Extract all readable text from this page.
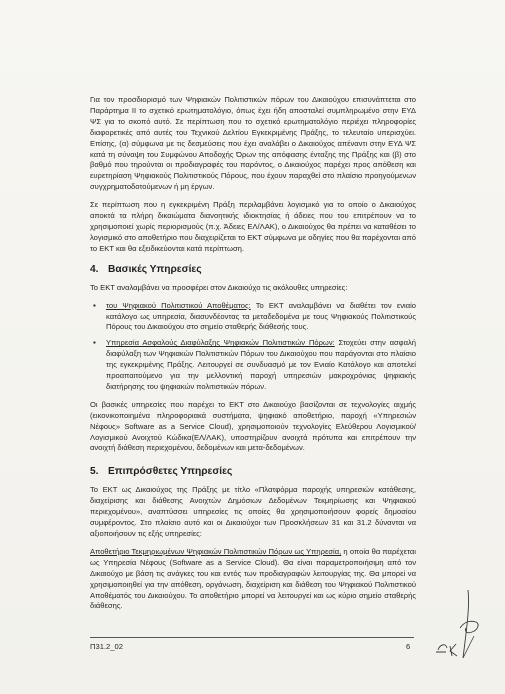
Για τον προσδιορισμό των Ψηφιακών Πολιτιστικών πόρων του Δικαιούχου επισυνάπτεται στο Παράρτημα II το σχετικό ερωτηματολόγιο, όπως έχει ήδη αποσταλεί συμπληρωμένο στην ΕΥΔ ΨΣ για το σκοπό αυτό. Σε περίπτωση που το σχετικό ερωτηματολόγιο περιέχει πληροφορίες διαφορετικές από αυτές του Τεχνικού Δελτίου Εγκεκριμένης Πράξης, το τελευταίο υπερισχύει. Επίσης, (α) σύμφωνα με τις δεσμεύσεις που έχει αναλάβει ο Δικαιούχος απέναντι στην ΕΥΔ ΨΣ κατά τη σύναψη του Συμφώνου Αποδοχής Όρων της απόφασης ένταξης της Πράξης και (β) στο βαθμό που τηρούνται οι προδιαγραφές του παρόντος, ο Δικαιούχος παρέχει προς απόθεση και ευρετηρίαση Ψηφιακούς Πολιτιστικούς Πόρους, που έχουν παραχθεί στο πλαίσιο προηγούμενων συγχρηματοδοτούμενων ή μη έργων.

Σε περίπτωση που η εγκεκριμένη Πράξη περιλαμβάνει λογισμικό για το οποίο ο Δικαιούχος αποκτά τα πλήρη δικαιώματα διανοητικής ιδιοκτησίας ή άδειες που του επιτρέπουν να το χρησιμοποιεί χωρίς περιορισμούς (π.χ. Άδειες ΕΛ/ΛΑΚ), ο Δικαιούχος θα πρέπει να καταθέσει το λογισμικό στο αποθετήριο που διαχειρίζεται το ΕΚΤ σύμφωνα με οδηγίες που θα παρέχονται από το ΕΚΤ και θα εξειδικεύονται κατά περίπτωση.

4. Βασικές Υπηρεσίες

Το ΕΚΤ αναλαμβάνει να προσφέρει στον Δικαιούχο τις ακόλουθες υπηρεσίες:

▪ του Ψηφιακού Πολιτιστικού Αποθέματος: Το ΕΚΤ αναλαμβάνει να διαθέτει τον ενιαίο κατάλογο ως υπηρεσία, διασυνδέοντας τα μεταδεδομένα με τους Ψηφιακούς Πολιτιστικούς Πόρους του Δικαιούχου στο σημείο σταθερής διάθεσής τους.
▪ Υπηρεσία Ασφαλούς Διαφύλαξης Ψηφιακών Πολιτιστικών Πόρων: Στοχεύει στην ασφαλή διαφύλαξη των Ψηφιακών Πολιτιστικών Πόρων του Δικαιούχου που παράγονται στο πλαίσιο της εγκεκριμένης Πράξης. Λειτουργεί σε συνδυασμό με τον Ενιαίο Κατάλογο και αποτελεί προαπαιτούμενο για την μελλοντική παροχή υπηρεσιών μακροχρόνιας ψηφιακής διατήρησης του ψηφιακών πολιτιστικών πόρων.

Οι βασικές υπηρεσίες που παρέχει το ΕΚΤ στο Δικαιούχο βασίζονται σε τεχνολογίες αιχμής (εικονικοποιημένα πληροφοριακά συστήματα, ψηφιακό αποθετήριο, παροχή «Υπηρεσιών Νέφους» Software as a Service Cloud), χρησιμοποιούν τεχνολογίες Ελεύθερου Λογισμικού/ Λογισμικού Ανοιχτού Κώδικα(ΕΛ/ΛΑΚ), υποστηρίζουν ανοιχτά πρότυπα και επιτρέπουν την ανοιχτή διάθεση περιεχομένου, δεδομένων και μετα-δεδομένων.

5. Επιπρόσθετες Υπηρεσίες

Το ΕΚΤ ως Δικαιούχος της Πράξης με τίτλο «Πλατφόρμα παροχής υπηρεσιών κατάθεσης, διαχείρισης και διάθεσης Ανοιχτών Δημόσιων Δεδομένων Τεκμηρίωσης και Ψηφιακού περιεχομένου», αναπτύσσει υπηρεσίες τις οποίες θα χρησιμοποιήσουν φορείς δημοσίου συμφέροντος. Στο πλαίσιο αυτό και οι Δικαιούχοι των Προσκλήσεων 31 και 31.2 δύνανται να αξιοποιήσουν τις εξής υπηρεσίες:

Αποθετήριο Τεκμηριωμένων Ψηφιακών Πολιτιστικών Πόρων ως Υπηρεσία, η οποία θα παρέχεται ως Υπηρεσία Νέφους (Software as a Service Cloud). Θα είναι παραμετροποιήσιμη από τον Δικαιούχο με βάση τις ανάγκες του και εντός των προδιαγραφών λειτουργίας της. Θα μπορεί να χρησιμοποιηθεί για την απόθεση, οργάνωση, διαχείριση και διάθεση του Ψηφιακού Πολιτιστικού Αποθέματός του Δικαιούχου. Το αποθετήριο μπορεί να λειτουργεί και ως κύριο σημείο σταθερής διάθεσης.

Π31.2_02	6
